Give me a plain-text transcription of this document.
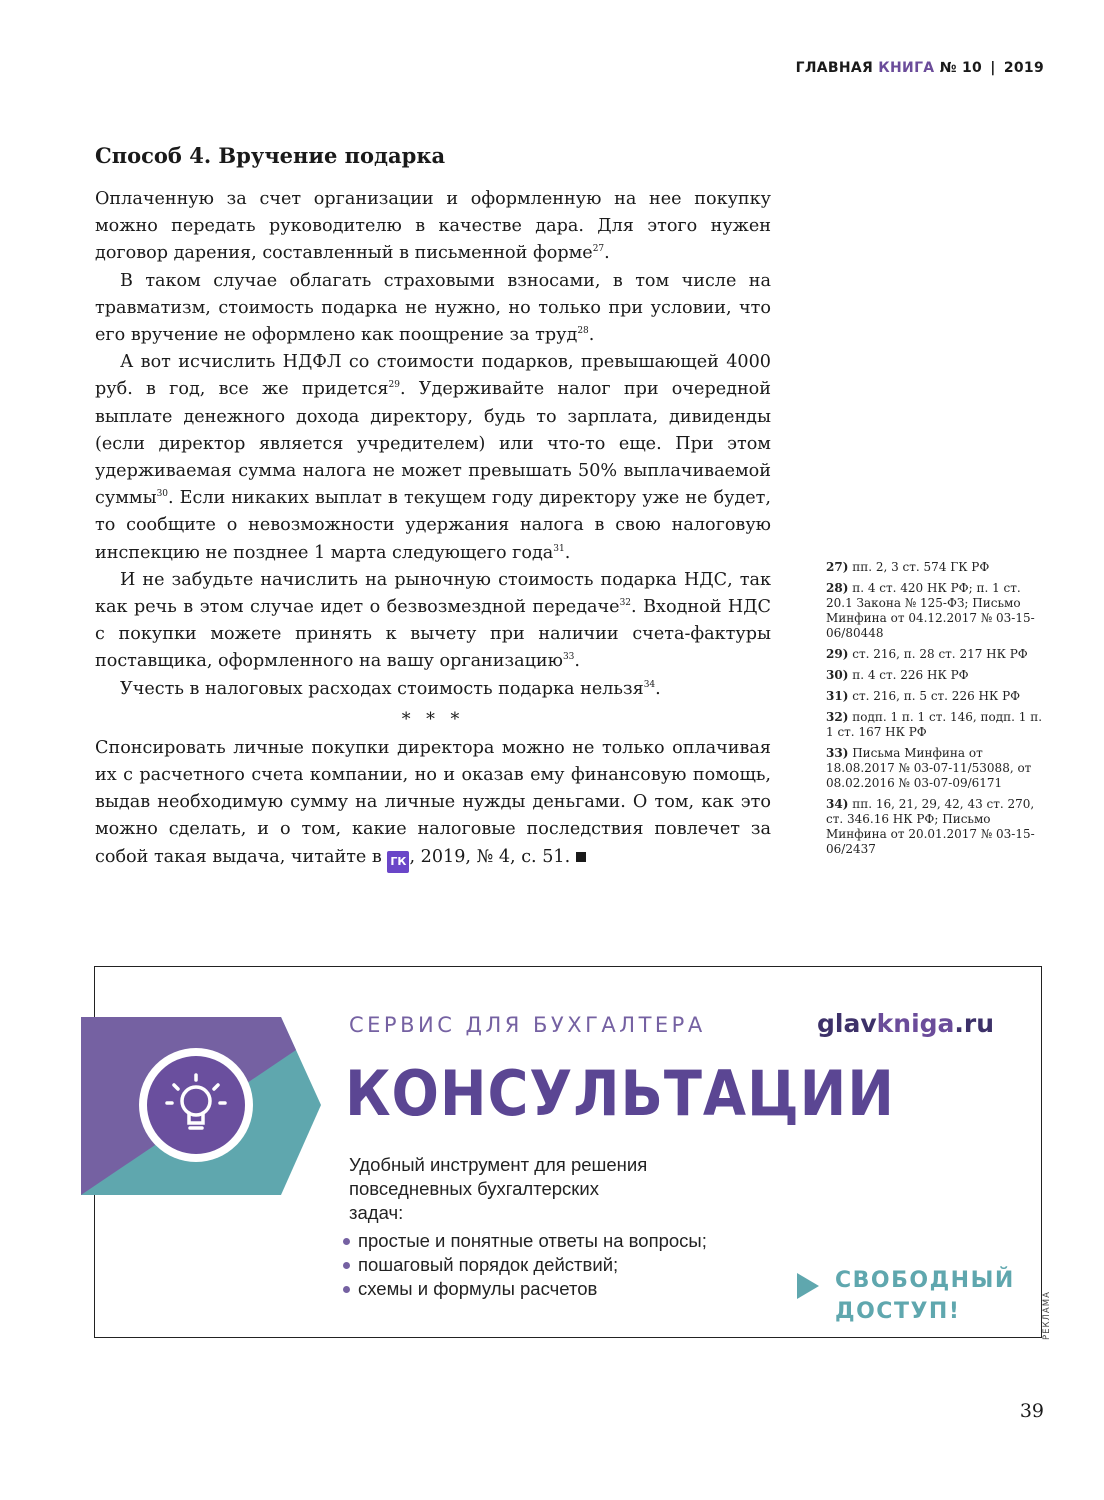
ГЛАВНАЯ КНИГА № 10 | 2019
Способ 4. Вручение подарка

Оплаченную за счет организации и оформленную на нее покупку можно передать руководителю в качестве дара. Для этого нужен договор дарения, составленный в письменной форме$^{27}$.

В таком случае облагать страховыми взносами, в том числе на травматизм, стоимость подарка не нужно, но только при условии, что его вручение не оформлено как поощрение за труд$^{28}$.

А вот исчислить НДФЛ со стоимости подарков, превышающей 4000 руб. в год, все же придется$^{29}$. Удерживайте налог при очередной выплате денежного дохода директору, будь то зарплата, дивиденды (если директор является учредителем) или что-то еще. При этом удерживаемая сумма налога не может превышать 50% выплачиваемой суммы$^{30}$. Если никаких выплат в текущем году директору уже не будет, то сообщите о невозможности удержания налога в свою налоговую инспекцию не позднее 1 марта следующего года$^{31}$.

И не забудьте начислить на рыночную стоимость подарка НДС, так как речь в этом случае идет о безвозмездной передаче$^{32}$. Входной НДС с покупки можете принять к вычету при наличии счета-фактуры поставщика, оформленного на вашу организацию$^{33}$.

Учесть в налоговых расходах стоимость подарка нельзя$^{34}$.

* * *

Спонсировать личные покупки директора можно не только оплачивая их с расчетного счета компании, но и оказав ему финансовую помощь, выдав необходимую сумму на личные нужды деньгами. О том, как это можно сделать, и о том, какие налоговые последствия повлечет за собой такая выдача, читайте в ГК , 2019, № 4, с. 51.

27) пп. 2, 3 ст. 574 ГК РФ
28) п. 4 ст. 420 НК РФ; п. 1 ст. 20.1 Закона № 125-ФЗ; Письмо Минфина от 04.12.2017 № 03-15-06/80448
29) ст. 216, п. 28 ст. 217 НК РФ
30) п. 4 ст. 226 НК РФ
31) ст. 216, п. 5 ст. 226 НК РФ
32) подп. 1 п. 1 ст. 146, подп. 1 п. 1 ст. 167 НК РФ
33) Письма Минфина от 18.08.2017 № 03-07-11/53088, от 08.02.2016 № 03-07-09/6171
34) пп. 16, 21, 29, 42, 43 ст. 270, ст. 346.16 НК РФ; Письмо Минфина от 20.01.2017 № 03-15-06/2437
СЕРВИС ДЛЯ БУХГАЛТЕРА	glavkniga.ru
КОНСУЛЬТАЦИИ
Удобный инструмент для решения повседневных бухгалтерских задач:
простые и понятные ответы на вопросы;
пошаговый порядок действий;
схемы и формулы расчетов	СВОБОДНЫЙ
ДОСТУП!	РЕКЛАМА
39
